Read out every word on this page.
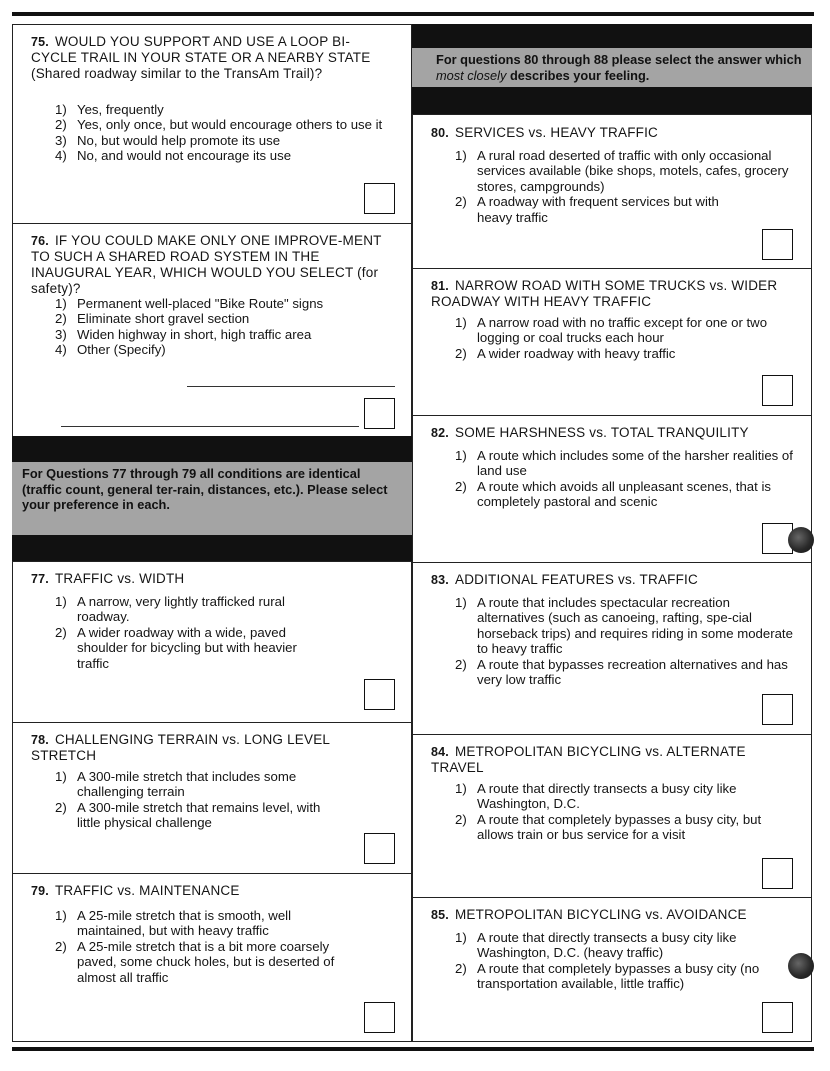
75. WOULD YOU SUPPORT AND USE A LOOP BI-CYCLE TRAIL IN YOUR STATE OR A NEARBY STATE (Shared roadway similar to the TransAm Trail)?
1) Yes, frequently
2) Yes, only once, but would encourage others to use it
3) No, but would help promote its use
4) No, and would not encourage its use
76. IF YOU COULD MAKE ONLY ONE IMPROVE-MENT TO SUCH A SHARED ROAD SYSTEM IN THE INAUGURAL YEAR, WHICH WOULD YOU SELECT (for safety)?
1) Permanent well-placed "Bike Route" signs
2) Eliminate short gravel section
3) Widen highway in short, high traffic area
4) Other (Specify)
For Questions 77 through 79 all conditions are identical (traffic count, general ter-rain, distances, etc.). Please select your preference in each.
77. TRAFFIC vs. WIDTH
1) A narrow, very lightly trafficked rural roadway.
2) A wider roadway with a wide, paved shoulder for bicycling but with heavier traffic
78. CHALLENGING TERRAIN vs. LONG LEVEL STRETCH
1) A 300-mile stretch that includes some challenging terrain
2) A 300-mile stretch that remains level, with little physical challenge
79. TRAFFIC vs. MAINTENANCE
1) A 25-mile stretch that is smooth, well maintained, but with heavy traffic
2) A 25-mile stretch that is a bit more coarsely paved, some chuck holes, but is deserted of almost all traffic
For questions 80 through 88 please select the answer which most closely describes your feeling.
80. SERVICES vs. HEAVY TRAFFIC
1) A rural road deserted of traffic with only occasional services available (bike shops, motels, cafes, grocery stores, campgrounds)
2) A roadway with frequent services but with heavy traffic
81. NARROW ROAD WITH SOME TRUCKS vs. WIDER ROADWAY WITH HEAVY TRAFFIC
1) A narrow road with no traffic except for one or two logging or coal trucks each hour
2) A wider roadway with heavy traffic
82. SOME HARSHNESS vs. TOTAL TRANQUILITY
1) A route which includes some of the harsher realities of land use
2) A route which avoids all unpleasant scenes, that is completely pastoral and scenic
83. ADDITIONAL FEATURES vs. TRAFFIC
1) A route that includes spectacular recreation alternatives (such as canoeing, rafting, spe-cial horseback trips) and requires riding in some moderate to heavy traffic
2) A route that bypasses recreation alternatives and has very low traffic
84. METROPOLITAN BICYCLING vs. ALTERNATE TRAVEL
1) A route that directly transects a busy city like Washington, D.C.
2) A route that completely bypasses a busy city, but allows train or bus service for a visit
85. METROPOLITAN BICYCLING vs. AVOIDANCE
1) A route that directly transects a busy city like Washington, D.C. (heavy traffic)
2) A route that completely bypasses a busy city (no transportation available, little traffic)
